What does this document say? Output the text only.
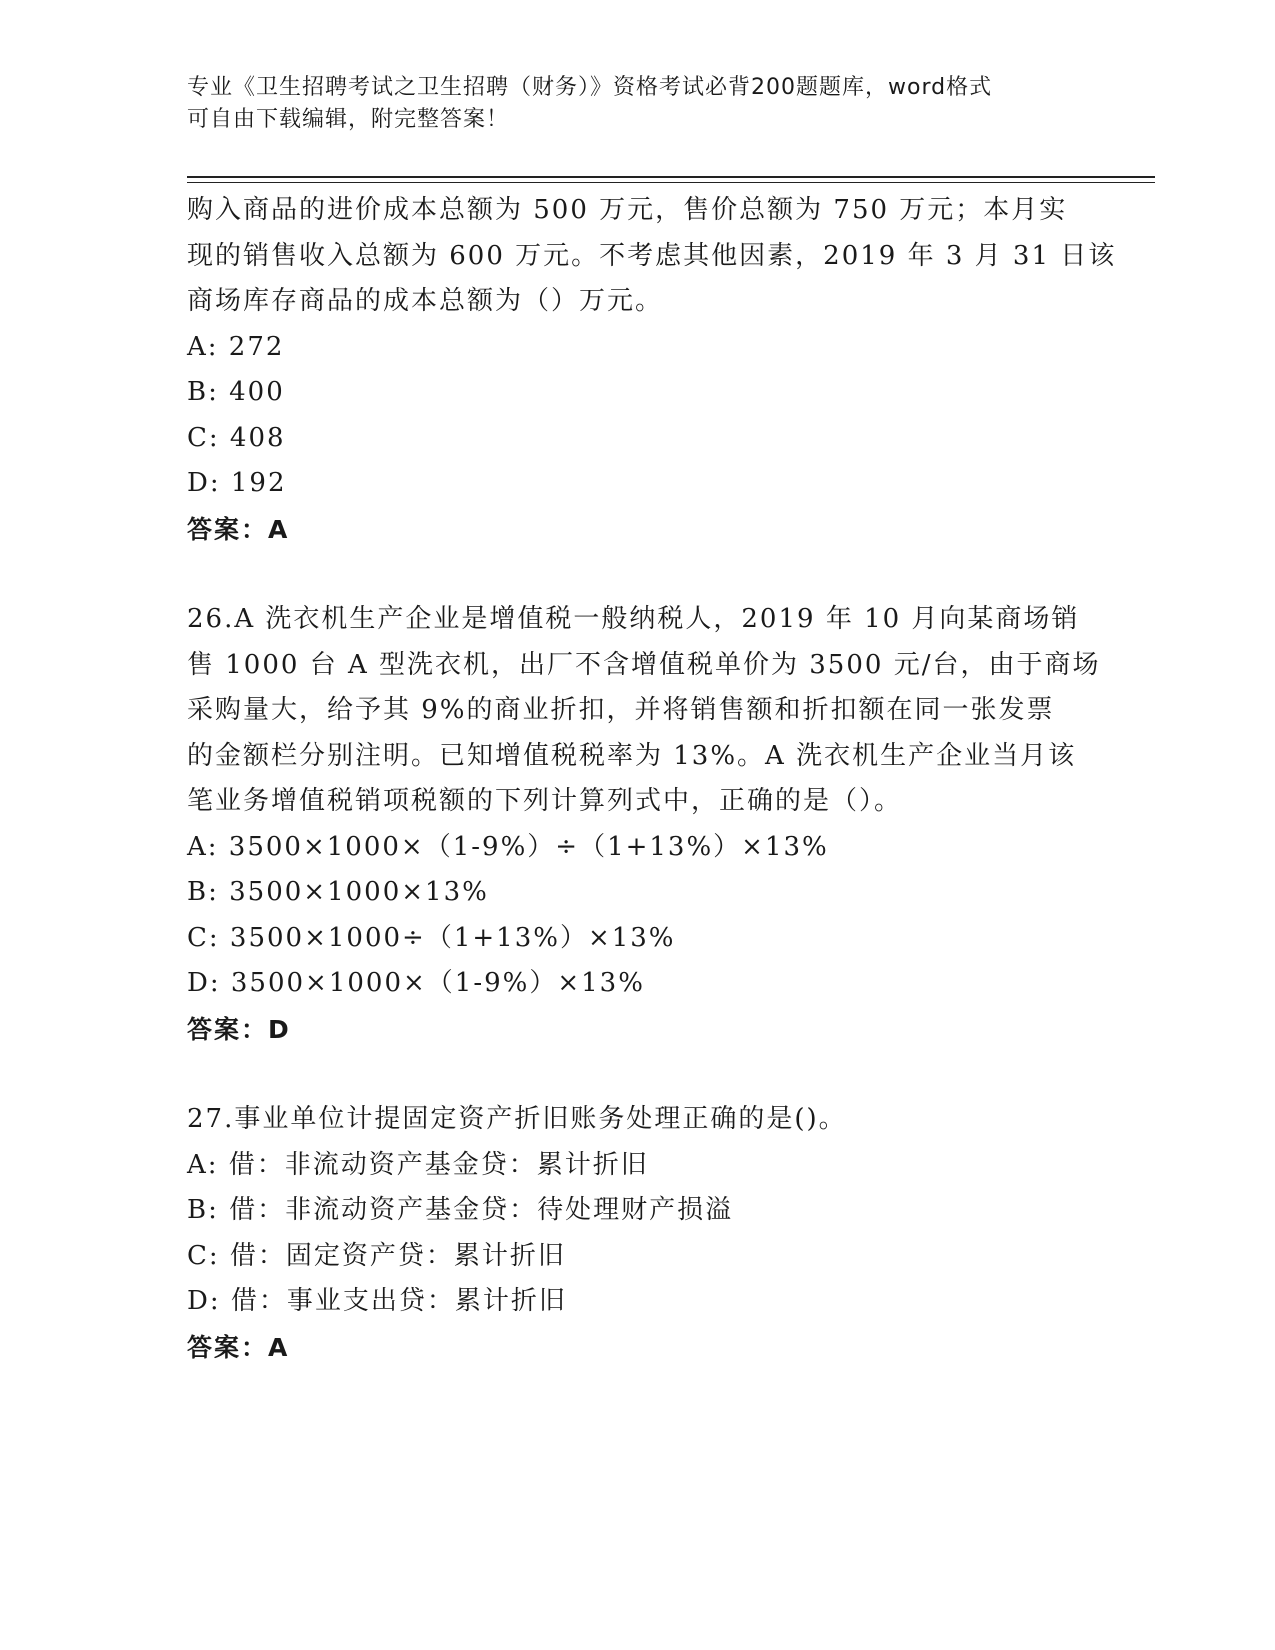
专业《卫生招聘考试之卫生招聘（财务）》资格考试必背200题题库，word格式
可自由下载编辑，附完整答案！
购入商品的进价成本总额为 500 万元，售价总额为 750 万元；本月实
现的销售收入总额为 600 万元。不考虑其他因素，2019 年 3 月 31 日该
商场库存商品的成本总额为（）万元。
A: 272
B: 400
C: 408
D: 192
答案：A
26.A 洗衣机生产企业是增值税一般纳税人，2019 年 10 月向某商场销
售 1000 台 A 型洗衣机，出厂不含增值税单价为 3500 元/台，由于商场
采购量大，给予其 9%的商业折扣，并将销售额和折扣额在同一张发票
的金额栏分别注明。已知增值税税率为 13%。A 洗衣机生产企业当月该
笔业务增值税销项税额的下列计算列式中，正确的是（）。
A: 3500×1000×（1-9%）÷（1+13%）×13%
B: 3500×1000×13%
C: 3500×1000÷（1+13%）×13%
D: 3500×1000×（1-9%）×13%
答案：D
27.事业单位计提固定资产折旧账务处理正确的是()。
A: 借：非流动资产基金贷：累计折旧
B: 借：非流动资产基金贷：待处理财产损溢
C: 借：固定资产贷：累计折旧
D: 借：事业支出贷：累计折旧
答案：A
